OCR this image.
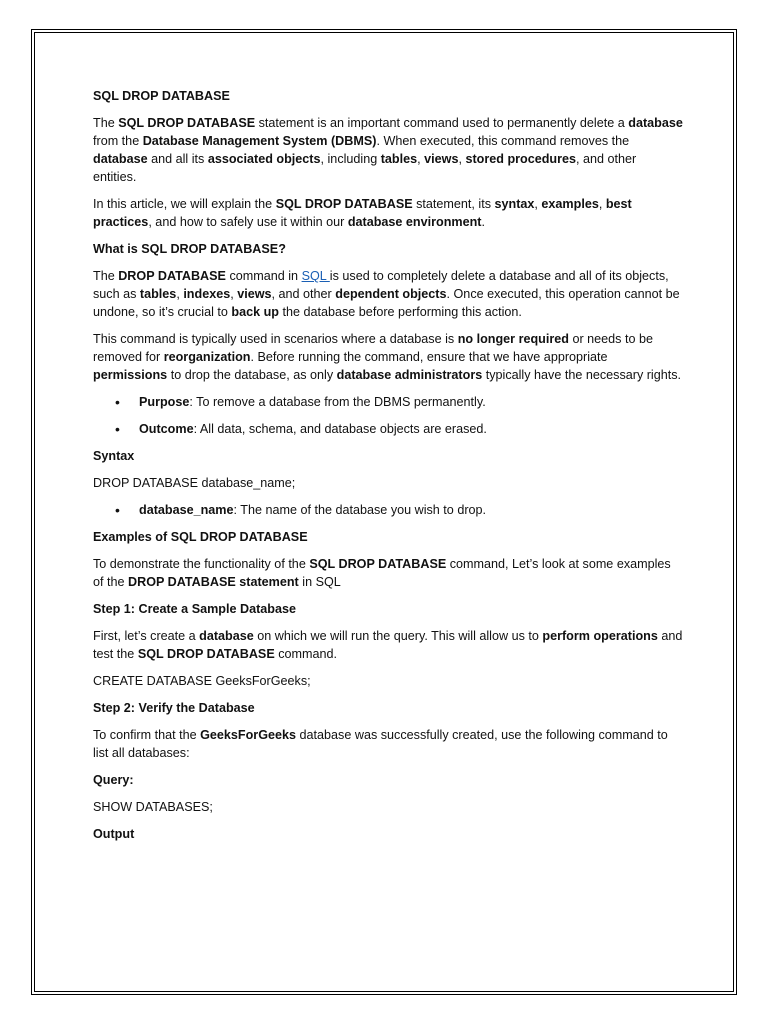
SQL DROP DATABASE

The SQL DROP DATABASE statement is an important command used to permanently delete a database from the Database Management System (DBMS). When executed, this command removes the database and all its associated objects, including tables, views, stored procedures, and other entities.

In this article, we will explain the SQL DROP DATABASE statement, its syntax, examples, best practices, and how to safely use it within our database environment.

What is SQL DROP DATABASE?

The DROP DATABASE command in SQL is used to completely delete a database and all of its objects, such as tables, indexes, views, and other dependent objects. Once executed, this operation cannot be undone, so it’s crucial to back up the database before performing this action.

This command is typically used in scenarios where a database is no longer required or needs to be removed for reorganization. Before running the command, ensure that we have appropriate permissions to drop the database, as only database administrators typically have the necessary rights.

• Purpose: To remove a database from the DBMS permanently.
• Outcome: All data, schema, and database objects are erased.

Syntax

DROP DATABASE database_name;

• database_name: The name of the database you wish to drop.

Examples of SQL DROP DATABASE

To demonstrate the functionality of the SQL DROP DATABASE command, Let’s look at some examples of the DROP DATABASE statement in SQL

Step 1: Create a Sample Database

First, let’s create a database on which we will run the query. This will allow us to perform operations and test the SQL DROP DATABASE command.

CREATE DATABASE GeeksForGeeks;

Step 2: Verify the Database

To confirm that the GeeksForGeeks database was successfully created, use the following command to list all databases:

Query:

SHOW DATABASES;

Output
